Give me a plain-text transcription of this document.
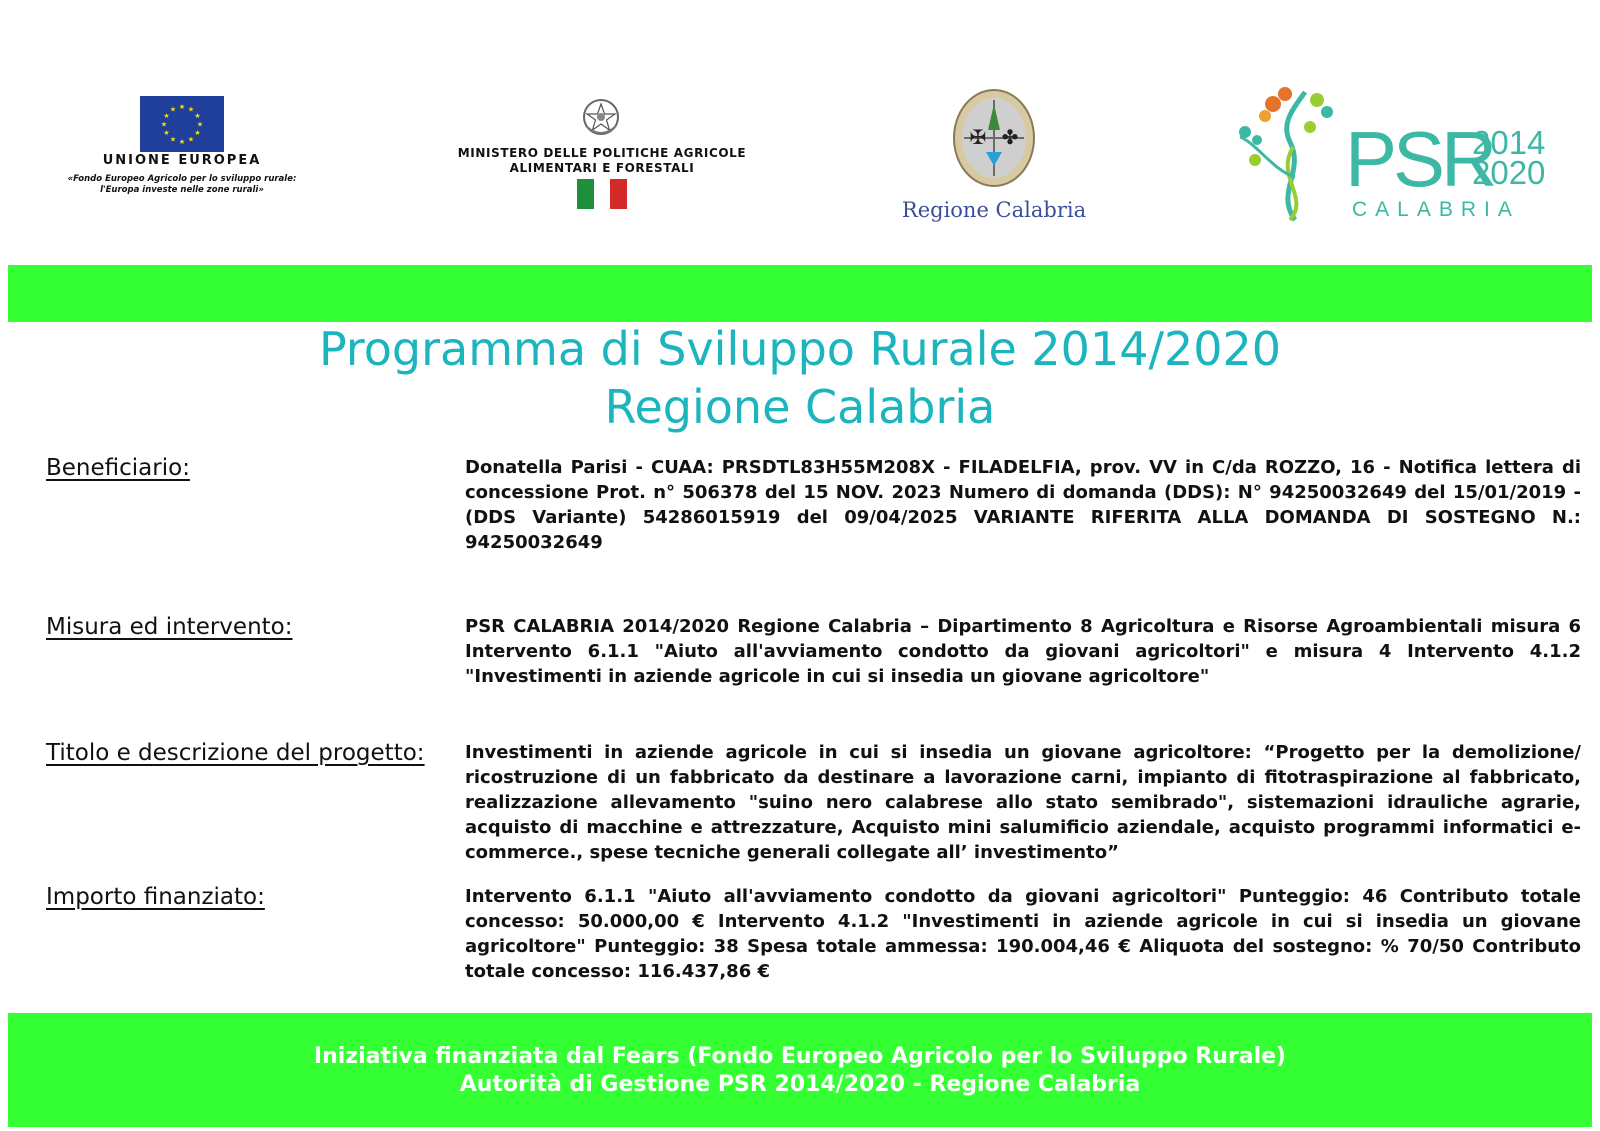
★ ★
★
★
★
★
★
★
★
★
★
★
UNIONE EUROPEA
«Fondo Europeo Agricolo per lo sviluppo rurale: l'Europa investe nelle zone rurali»
MINISTERO DELLE POLITICHE AGRICOLE
ALIMENTARI E FORESTALI
✠ ✤
Regione Calabria
PSR
2014
2020
CALABRIA
Programma di Sviluppo Rurale 2014/2020
Regione Calabria
Beneficiario:	Donatella Parisi - CUAA: PRSDTL83H55M208X - FILADELFIA, prov. VV in C/da ROZZO, 16 - Notifica lettera di concessione Prot. n° 506378 del 15 NOV. 2023 Numero di domanda (DDS): N° 94250032649 del 15/01/2019 - (DDS Variante) 54286015919 del 09/04/2025 VARIANTE RIFERITA ALLA DOMANDA DI SOSTEGNO N.: 94250032649
Misura ed intervento:	PSR CALABRIA 2014/2020 Regione Calabria – Dipartimento 8 Agricoltura e Risorse Agroambientali misura 6 Intervento 6.1.1 "Aiuto all'avviamento condotto da giovani agricoltori" e misura 4 Intervento 4.1.2 "Investimenti in aziende agricole in cui si insedia un giovane agricoltore"
Titolo e descrizione del progetto: Investimenti in aziende agricole in cui si insedia un giovane agricoltore: “Progetto per la demolizione/ ricostruzione di un fabbricato da destinare a lavorazione carni, impianto di fitotraspirazione al fabbricato, realizzazione allevamento "suino nero calabrese allo stato semibrado", sistemazioni idrauliche agrarie, acquisto di macchine e attrezzature, Acquisto mini salumificio aziendale, acquisto programmi informatici e-commerce., spese tecniche generali collegate all’ investimento”
Importo finanziato:	Intervento 6.1.1 "Aiuto all'avviamento condotto da giovani agricoltori" Punteggio: 46 Contributo totale concesso: 50.000,00 € Intervento 4.1.2 "Investimenti in aziende agricole in cui si insedia un giovane agricoltore" Punteggio: 38 Spesa totale ammessa: 190.004,46 € Aliquota del sostegno: % 70/50 Contributo totale concesso: 116.437,86 €
Iniziativa finanziata dal Fears (Fondo Europeo Agricolo per lo Sviluppo Rurale)
Autorità di Gestione PSR 2014/2020 - Regione Calabria
